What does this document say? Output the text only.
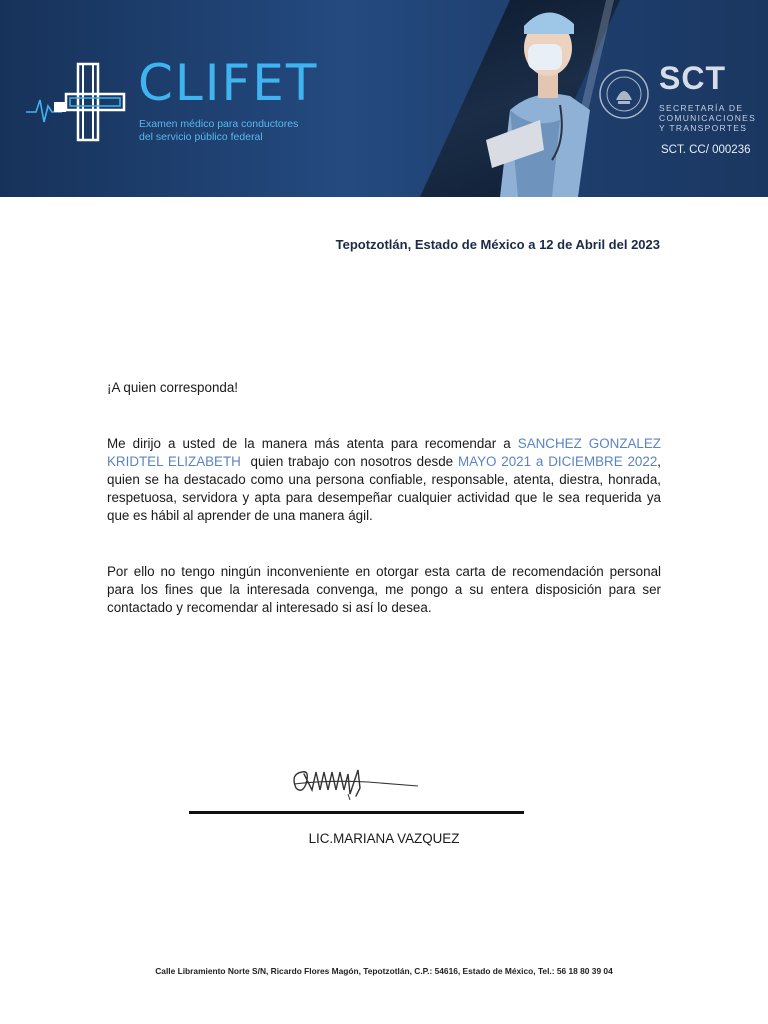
CLIFET
Examen médico para conductores
del servicio público federal
SCT
SECRETARÍA DE
COMUNICACIONES
Y TRANSPORTES
SCT. CC/ 000236
Tepotzotlán, Estado de México a 12 de Abril del 2023
¡A quien corresponda!
Me dirijo a usted de la manera más atenta para recomendar a SANCHEZ GONZALEZ KRIDTEL ELIZABETH  quien trabajo con nosotros desde MAYO 2021 a DICIEMBRE 2022, quien se ha destacado como una persona confiable, responsable, atenta, diestra, honrada, respetuosa, servidora y apta para desempeñar cualquier actividad que le sea requerida ya que es hábil al aprender de una manera ágil.
Por ello no tengo ningún inconveniente en otorgar esta carta de recomendación personal para los fines que la interesada convenga, me pongo a su entera disposición para ser contactado y recomendar al interesado si así lo desea.
LIC.MARIANA VAZQUEZ
Calle Libramiento Norte S/N, Ricardo Flores Magón, Tepotzotlán, C.P.: 54616, Estado de México, Tel.: 56 18 80 39 04
